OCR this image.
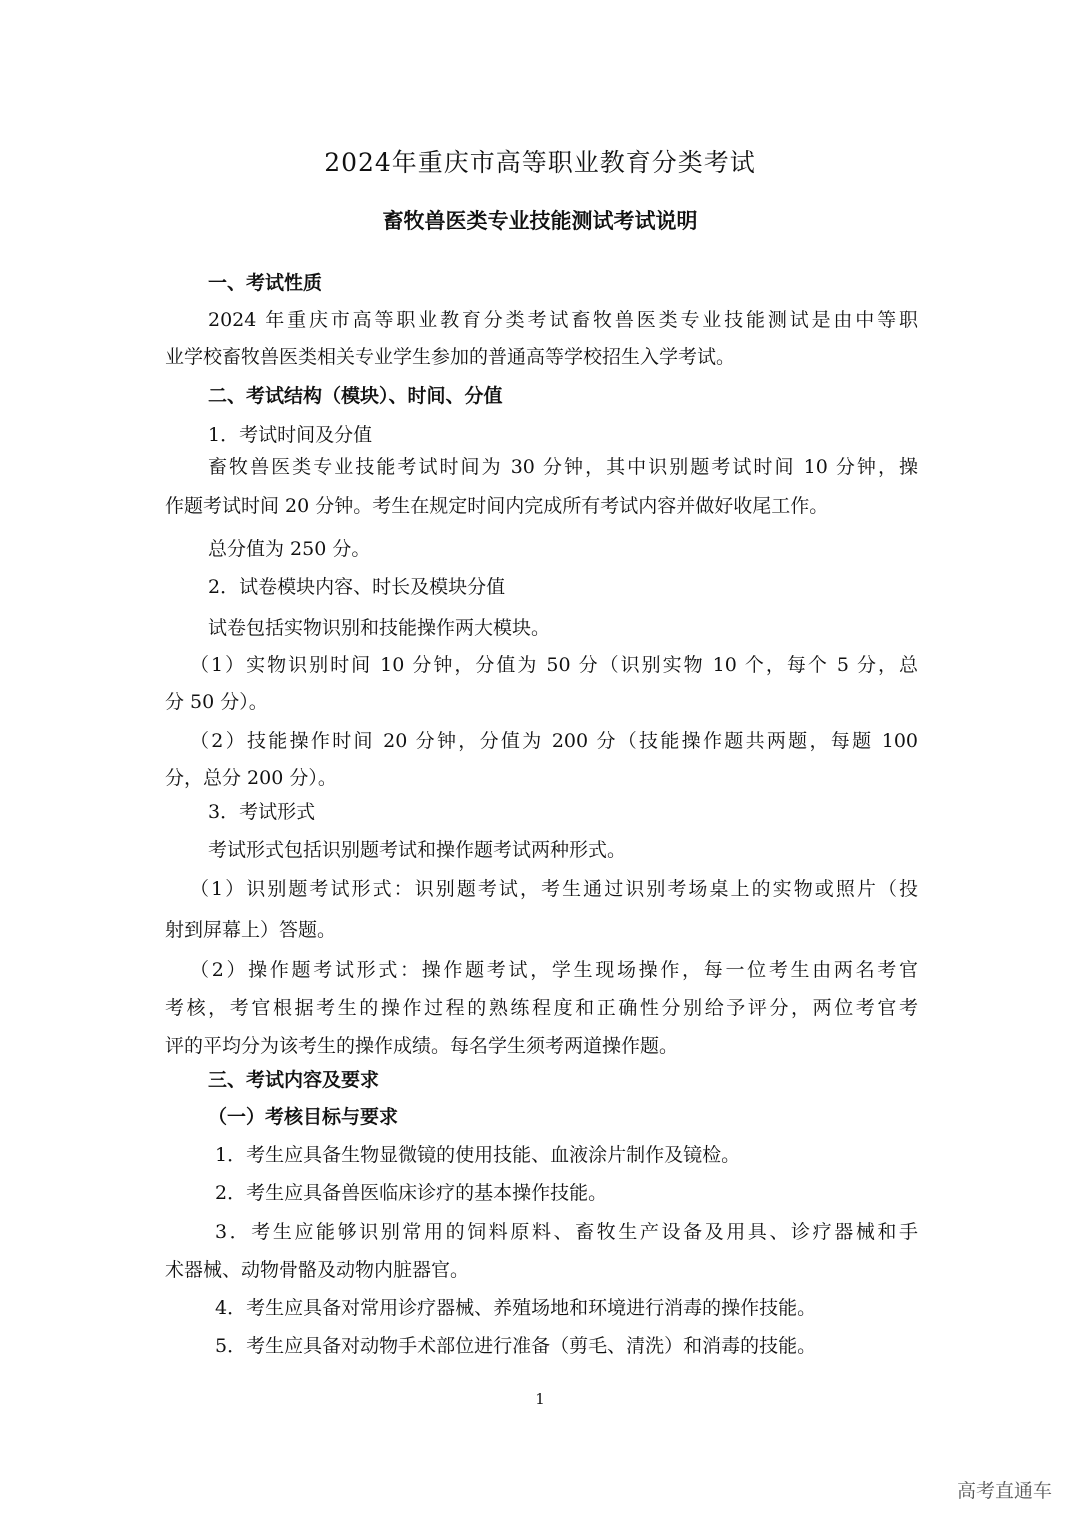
2024年重庆市高等职业教育分类考试
畜牧兽医类专业技能测试考试说明
一、考试性质
2024 年重庆市高等职业教育分类考试畜牧兽医类专业技能测试是由中等职
业学校畜牧兽医类相关专业学生参加的普通高等学校招生入学考试。
二、考试结构（模块）、时间、分值
1．考试时间及分值
畜牧兽医类专业技能考试时间为 30 分钟，其中识别题考试时间 10 分钟，操
作题考试时间 20 分钟。考生在规定时间内完成所有考试内容并做好收尾工作。
总分值为 250 分。
2．试卷模块内容、时长及模块分值
试卷包括实物识别和技能操作两大模块。
（1）实物识别时间 10 分钟，分值为 50 分（识别实物 10 个，每个 5 分，总
分 50 分）。
（2）技能操作时间 20 分钟，分值为 200 分（技能操作题共两题，每题 100
分，总分 200 分）。
3．考试形式
考试形式包括识别题考试和操作题考试两种形式。
（1）识别题考试形式：识别题考试，考生通过识别考场桌上的实物或照片（投
射到屏幕上）答题。
（2）操作题考试形式：操作题考试，学生现场操作，每一位考生由两名考官
考核，考官根据考生的操作过程的熟练程度和正确性分别给予评分，两位考官考
评的平均分为该考生的操作成绩。每名学生须考两道操作题。
三、考试内容及要求
（一）考核目标与要求
1．考生应具备生物显微镜的使用技能、血液涂片制作及镜检。
2．考生应具备兽医临床诊疗的基本操作技能。
3．考生应能够识别常用的饲料原料、畜牧生产设备及用具、诊疗器械和手
术器械、动物骨骼及动物内脏器官。
4．考生应具备对常用诊疗器械、养殖场地和环境进行消毒的操作技能。
5．考生应具备对动物手术部位进行准备（剪毛、清洗）和消毒的技能。
1
高考直通车
